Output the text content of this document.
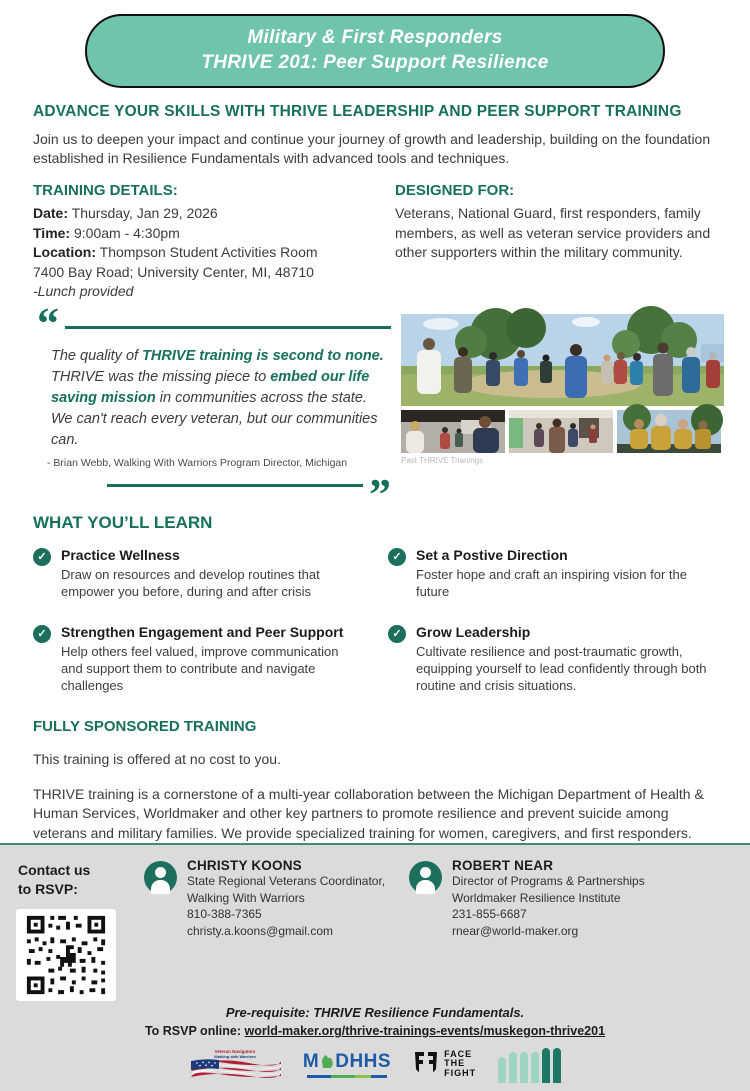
Military & First Responders
THRIVE 201: Peer Support Resilience
ADVANCE YOUR SKILLS WITH THRIVE LEADERSHIP AND PEER SUPPORT TRAINING

Join us to deepen your impact and continue your journey of growth and leadership, building on the foundation established in Resilience Fundamentals with advanced tools and techniques.

TRAINING DETAILS:
Date: Thursday, Jan 29, 2026
Time: 9:00am - 4:30pm
Location: Thompson Student Activities Room
7400 Bay Road; University Center, MI, 48710
-Lunch provided
DESIGNED FOR:
Veterans, National Guard, first responders, family members, as well as veteran service providers and other supporters within the military community.
“

The quality of THRIVE training is second to none. THRIVE was the missing piece to embed our life saving mission in communities across the state. We can't reach every veteran, but our communities can.

- Brian Webb, Walking With Warriors Program Director, Michigan
”
Past THRIVE Trianings
WHAT YOU’LL LEARN
✓	Practice Wellness
Draw on resources and develop routines that empower you before, during and after crisis
✓	Set a Postive Direction
Foster hope and craft an inspiring vision for the future
✓	Strengthen Engagement and Peer Support
Help others feel valued, improve communication and support them to contribute and navigate challenges
✓	Grow Leadership
Cultivate resilience and post-traumatic growth, equipping yourself to lead confidently through both routine and crisis situations.
FULLY SPONSORED TRAINING

This training is offered at no cost to you.

THRIVE training is a cornerstone of a multi-year collaboration between the Michigan Department of Health & Human Services, Worldmaker and other key partners to promote resilience and prevent suicide among veterans and military families. We provide specialized training for women, caregivers, and first responders.

Contact us
to RSVP:
CHRISTY KOONS
State Regional Veterans Coordinator,
Walking With Warriors
810-388-7365
christy.a.koons@gmail.com
ROBERT NEAR
Director of Programs & Partnerships
Worldmaker Resilience Institute
231-855-6687
rnear@world-maker.org
Pre-requisite: THRIVE Resilience Fundamentals.
To RSVP online: world-maker.org/thrive-trainings-events/muskegon-thrive201
Veteran Navigators
Walking with Warriors M DHHS	FACE
THE
FIGHT
